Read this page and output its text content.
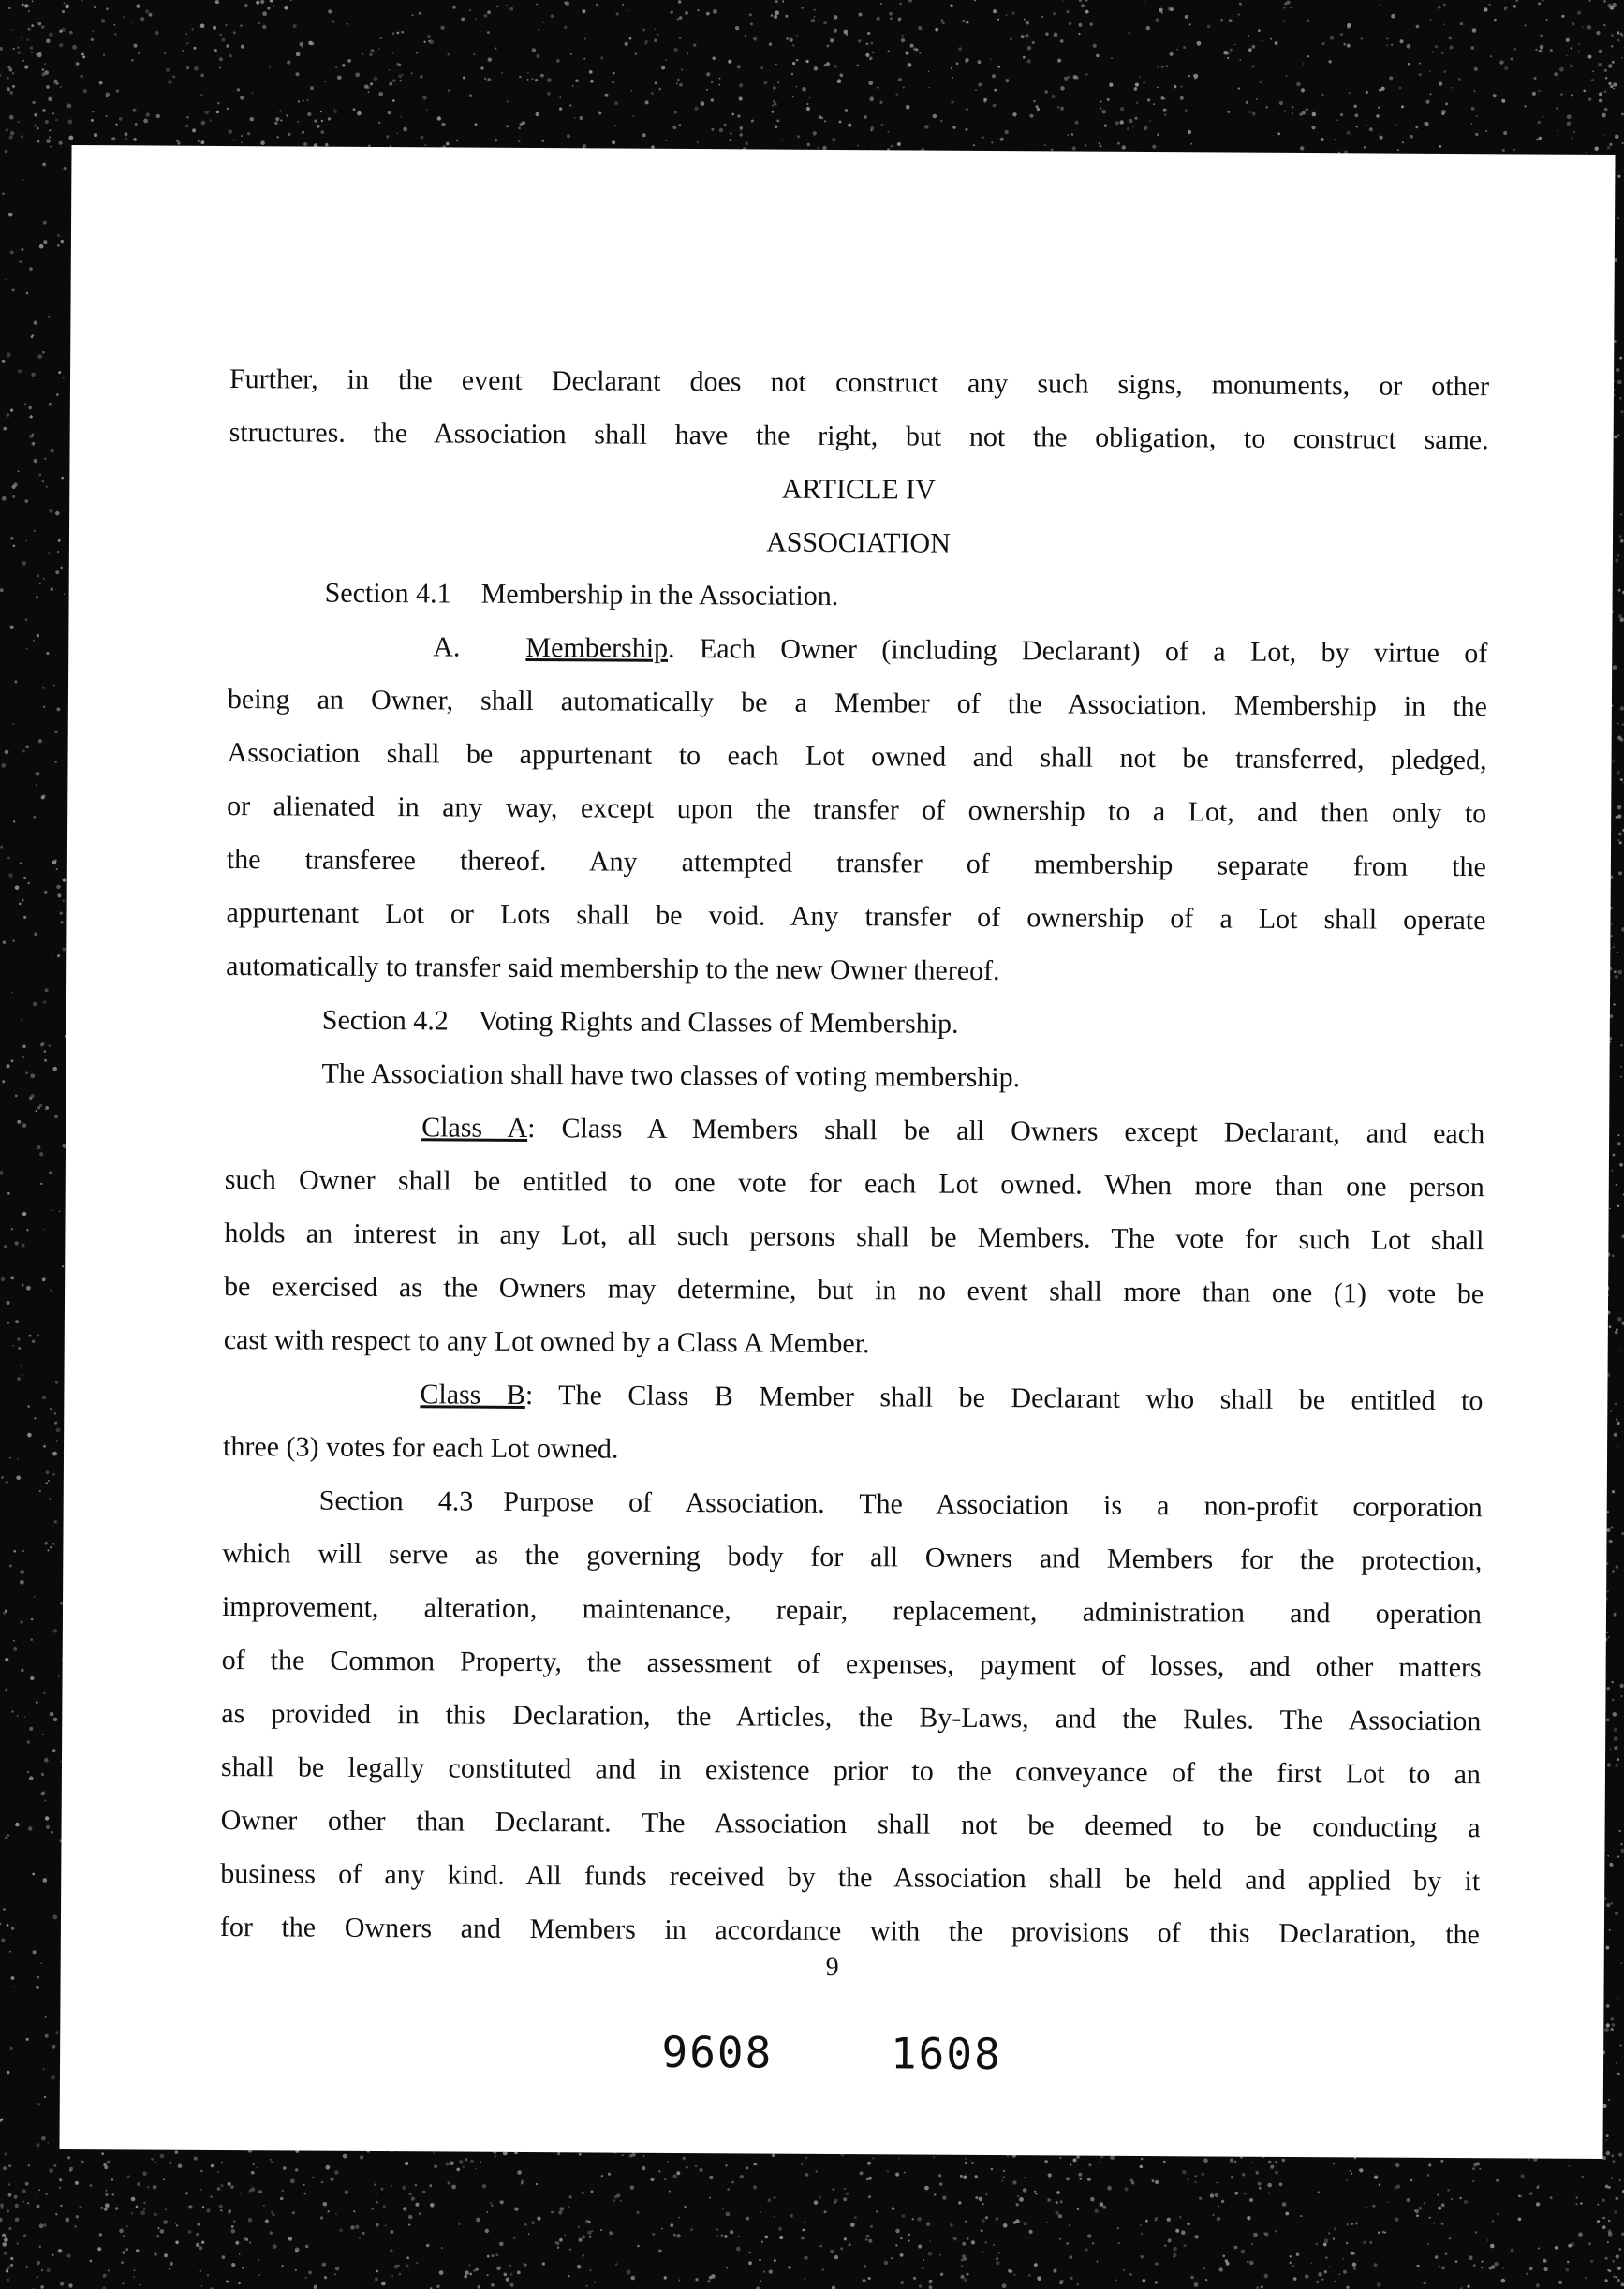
Further, in the event Declarant does not construct any such signs, monuments, or other
structures. the Association shall have the right, but not the obligation, to construct same.
ARTICLE IV
ASSOCIATION
Section 4.1 Membership in the Association.
A. Membership. Each Owner (including Declarant) of a Lot, by virtue of
being an Owner, shall automatically be a Member of the Association. Membership in the
Association shall be appurtenant to each Lot owned and shall not be transferred, pledged,
or alienated in any way, except upon the transfer of ownership to a Lot, and then only to
the transferee thereof. Any attempted transfer of membership separate from the
appurtenant Lot or Lots shall be void. Any transfer of ownership of a Lot shall operate
automatically to transfer said membership to the new Owner thereof.
Section 4.2 Voting Rights and Classes of Membership.
The Association shall have two classes of voting membership.
Class A: Class A Members shall be all Owners except Declarant, and each
such Owner shall be entitled to one vote for each Lot owned. When more than one person
holds an interest in any Lot, all such persons shall be Members. The vote for such Lot shall
be exercised as the Owners may determine, but in no event shall more than one (1) vote be
cast with respect to any Lot owned by a Class A Member.
Class B: The Class B Member shall be Declarant who shall be entitled to
three (3) votes for each Lot owned.
Section 4.3 Purpose of Association. The Association is a non-profit corporation
which will serve as the governing body for all Owners and Members for the protection,
improvement, alteration, maintenance, repair, replacement, administration and operation
of the Common Property, the assessment of expenses, payment of losses, and other matters
as provided in this Declaration, the Articles, the By-Laws, and the Rules. The Association
shall be legally constituted and in existence prior to the conveyance of the first Lot to an
Owner other than Declarant. The Association shall not be deemed to be conducting a
business of any kind. All funds received by the Association shall be held and applied by it
for the Owners and Members in accordance with the provisions of this Declaration, the
9
9608	1608
